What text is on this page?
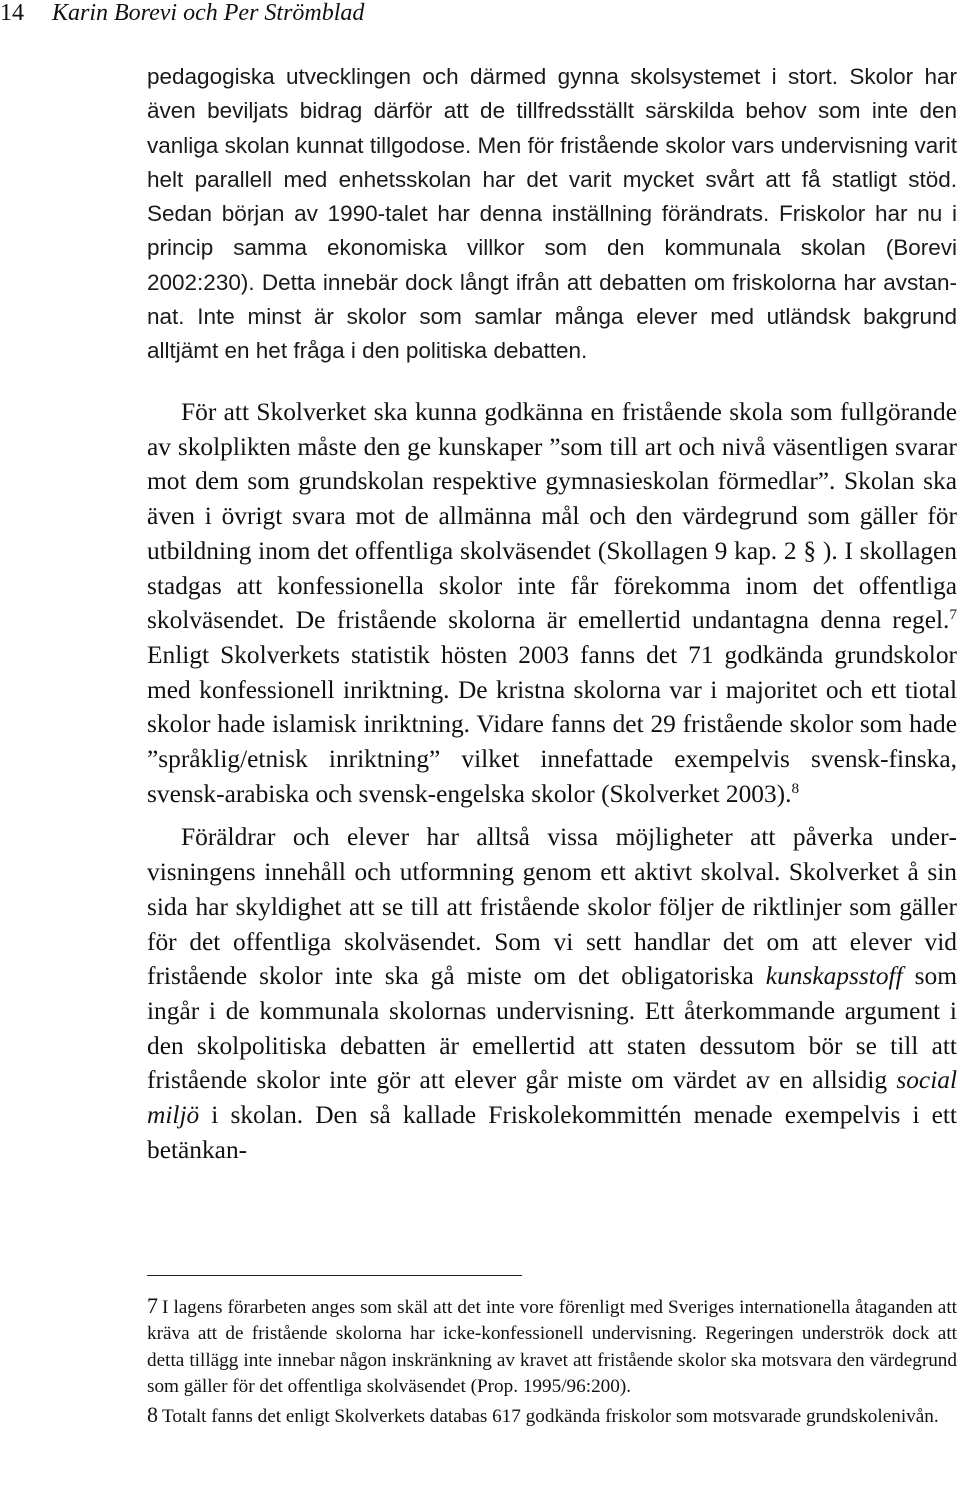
14 Karin Borevi och Per Strömblad
pedagogiska utvecklingen och därmed gynna skolsystemet i stort. Skolor har även beviljats bidrag därför att de tillfredsställt särskilda behov som inte den vanliga skolan kunnat tillgodose. Men för fristående skolor vars undervisning varit helt parallell med enhetsskolan har det varit mycket svårt att få statligt stöd. Sedan början av 1990-talet har denna inställning förändrats. Friskolor har nu i princip samma ekonomiska villkor som den kommunala skolan (Borevi 2002:230). Detta innebär dock långt ifrån att debatten om friskolorna har avstannat. Inte minst är skolor som samlar många elever med utländsk bakgrund alltjämt en het fråga i den politiska debatten.

För att Skolverket ska kunna godkänna en fristående skola som fullgörande av skolplikten måste den ge kunskaper ”som till art och nivå väsentligen svarar mot dem som grundskolan respektive gymnasieskolan förmedlar”. Skolan ska även i övrigt svara mot de allmänna mål och den värdegrund som gäller för utbildning inom det offentliga skolväsendet (Skollagen 9 kap. 2 § ). I skollagen stadgas att konfessionella skolor inte får förekomma inom det offentliga skolväsendet. De fristående skolorna är emellertid undantagna denna regel.$^7$ Enligt Skolverkets statistik hösten 2003 fanns det 71 godkända grundskolor med konfessionell inriktning. De kristna skolorna var i majoritet och ett tiotal skolor hade islamisk inriktning. Vidare fanns det 29 fristående skolor som hade ”språklig/etnisk inriktning” vilket innefattade exempelvis svensk-finska, svensk-arabiska och svensk-engelska skolor (Skolverket 2003).$^8$

Föräldrar och elever har alltså vissa möjligheter att påverka undervisningens innehåll och utformning genom ett aktivt skolval. Skolverket å sin sida har skyldighet att se till att fristående skolor följer de riktlinjer som gäller för det offentliga skolväsendet. Som vi sett handlar det om att elever vid fristående skolor inte ska gå miste om det obligatoriska kunskapsstoff som ingår i de kommunala skolornas undervisning. Ett återkommande argument i den skolpolitiska debatten är emellertid att staten dessutom bör se till att fristående skolor inte gör att elever går miste om värdet av en allsidig social miljö i skolan. Den så kallade Friskolekommittén menade exempelvis i ett betänkan-

7 I lagens förarbeten anges som skäl att det inte vore förenligt med Sveriges internationella åtaganden att kräva att de fristående skolorna har icke-konfessionell undervisning. Regeringen underströk dock att detta tillägg inte innebar någon inskränkning av kravet att fristående skolor ska motsvara den värdegrund som gäller för det offentliga skolväsendet (Prop. 1995/96:200).

8 Totalt fanns det enligt Skolverkets databas 617 godkända friskolor som motsvarade grundskolenivån.
